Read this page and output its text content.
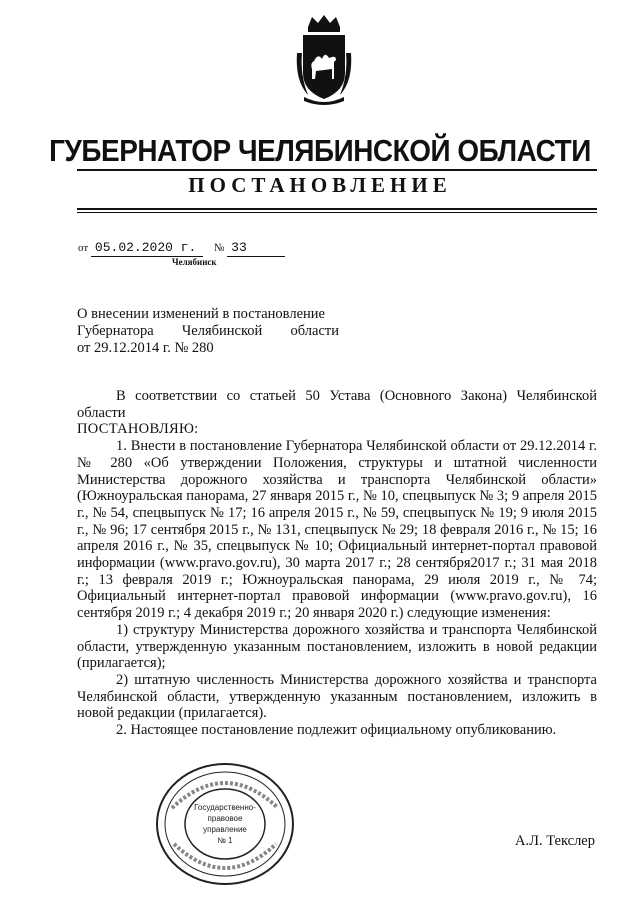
ГУБЕРНАТОР ЧЕЛЯБИНСКОЙ ОБЛАСТИ
ПОСТАНОВЛЕНИЕ
от 05.02.2020 г. № 33
Челябинск
О внесении изменений в постановление
Губернатора Челябинской области
от 29.12.2014 г. № 280

В соответствии со статьей 50 Устава (Основного Закона) Челябинской области

ПОСТАНОВЛЯЮ:

1. Внести в постановление Губернатора Челябинской области от 29.12.2014 г. № 280 «Об утверждении Положения, структуры и штатной численности Министерства дорожного хозяйства и транспорта Челябинской области» (Южноуральская панорама, 27 января 2015 г., № 10, спецвыпуск № 3; 9 апреля 2015 г., № 54, спецвыпуск № 17; 16 апреля 2015 г., № 59, спецвыпуск № 19; 9 июля 2015 г., № 96; 17 сентября 2015 г., № 131, спецвыпуск № 29; 18 февраля 2016 г., № 15; 16 апреля 2016 г., № 35, спецвыпуск № 10; Официальный интернет-портал правовой информации (www.pravo.gov.ru), 30 марта 2017 г.; 28 сентября2017 г.; 31 мая 2018 г.; 13 февраля 2019 г.; Южноуральская панорама, 29 июля 2019 г., № 74; Официальный интернет-портал правовой информации (www.pravo.gov.ru), 16 сентября 2019 г.; 4 декабря 2019 г.; 20 января 2020 г.) следующие изменения:

1) структуру Министерства дорожного хозяйства и транспорта Челябинской области, утвержденную указанным постановлением, изложить в новой редакции (прилагается);

2) штатную численность Министерства дорожного хозяйства и транспорта Челябинской области, утвержденную указанным постановлением, изложить в новой редакции (прилагается).

2. Настоящее постановление подлежит официальному опубликованию.

Государственно-
правовое
управление
№ 1	А.Л. Текслер
